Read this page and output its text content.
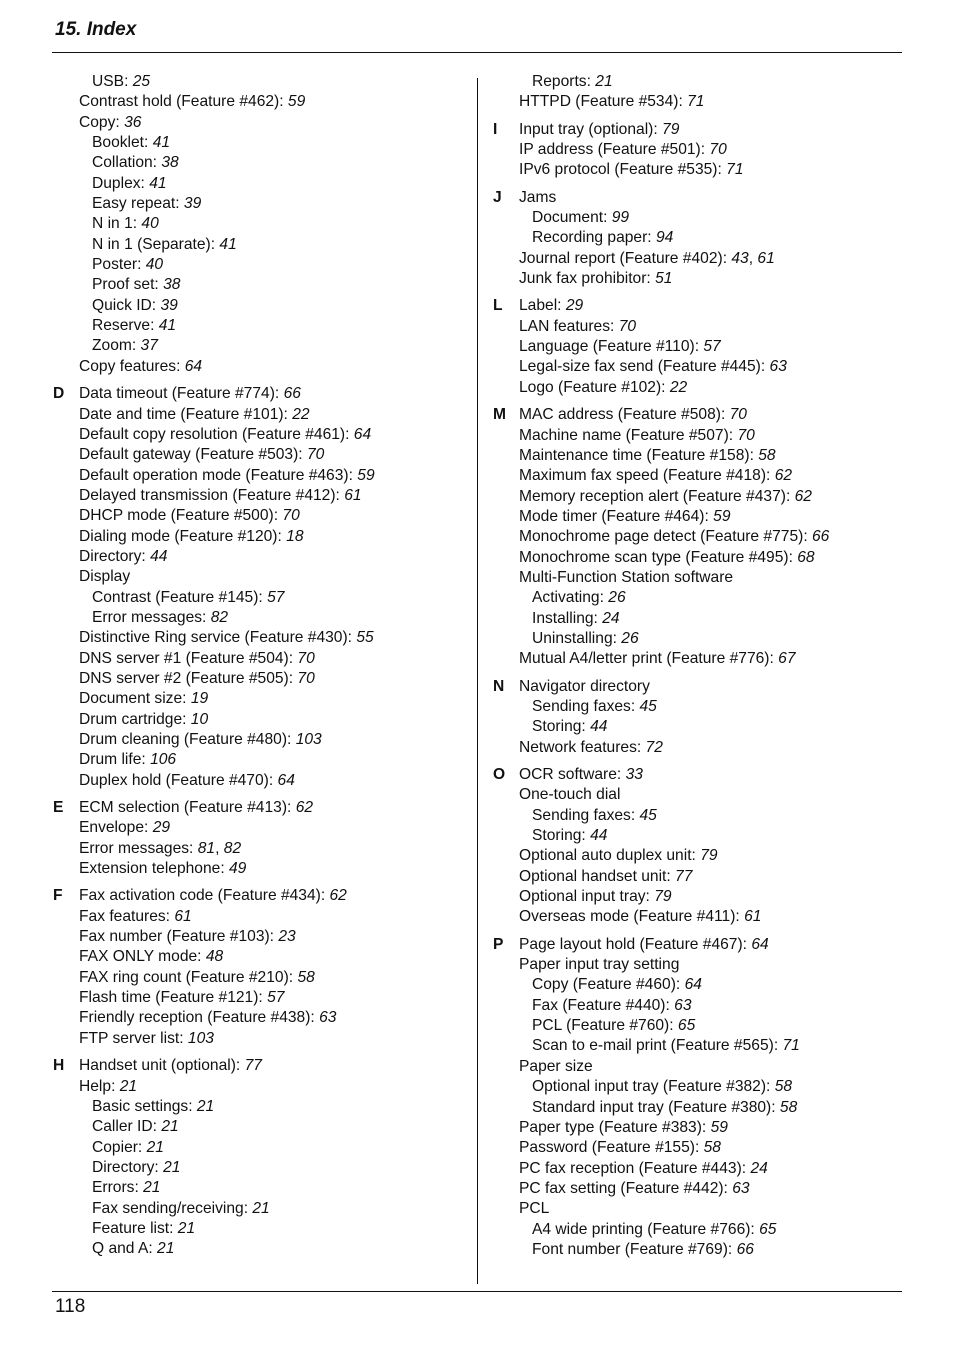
15. Index
USB: 25
Contrast hold (Feature #462): 59
Copy: 36
Booklet: 41
Collation: 38
Duplex: 41
Easy repeat: 39
N in 1: 40
N in 1 (Separate): 41
Poster: 40
Proof set: 38
Quick ID: 39
Reserve: 41
Zoom: 37
Copy features: 64
D Data timeout (Feature #774): 66
Date and time (Feature #101): 22
Default copy resolution (Feature #461): 64
Default gateway (Feature #503): 70
Default operation mode (Feature #463): 59
Delayed transmission (Feature #412): 61
DHCP mode (Feature #500): 70
Dialing mode (Feature #120): 18
Directory: 44
Display
Contrast (Feature #145): 57
Error messages: 82
Distinctive Ring service (Feature #430): 55
DNS server #1 (Feature #504): 70
DNS server #2 (Feature #505): 70
Document size: 19
Drum cartridge: 10
Drum cleaning (Feature #480): 103
Drum life: 106
Duplex hold (Feature #470): 64
E ECM selection (Feature #413): 62
Envelope: 29
Error messages: 81, 82
Extension telephone: 49
F	Fax activation code (Feature #434): 62
Fax features: 61
Fax number (Feature #103): 23
FAX ONLY mode: 48
FAX ring count (Feature #210): 58
Flash time (Feature #121): 57
Friendly reception (Feature #438): 63
FTP server list: 103
H Handset unit (optional): 77
Help: 21
Basic settings: 21
Caller ID: 21
Copier: 21
Directory: 21
Errors: 21
Fax sending/receiving: 21
Feature list: 21
Q and A: 21
Reports: 21
HTTPD (Feature #534): 71
I	Input tray (optional): 79
IP address (Feature #501): 70
IPv6 protocol (Feature #535): 71
J	Jams
Document: 99
Recording paper: 94
Journal report (Feature #402): 43, 61
Junk fax prohibitor: 51
L	Label: 29
LAN features: 70
Language (Feature #110): 57
Legal-size fax send (Feature #445): 63
Logo (Feature #102): 22
M MAC address (Feature #508): 70
Machine name (Feature #507): 70
Maintenance time (Feature #158): 58
Maximum fax speed (Feature #418): 62
Memory reception alert (Feature #437): 62
Mode timer (Feature #464): 59
Monochrome page detect (Feature #775): 66
Monochrome scan type (Feature #495): 68
Multi-Function Station software
Activating: 26
Installing: 24
Uninstalling: 26
Mutual A4/letter print (Feature #776): 67
N Navigator directory
Sending faxes: 45
Storing: 44
Network features: 72
O OCR software: 33
One-touch dial
Sending faxes: 45
Storing: 44
Optional auto duplex unit: 79
Optional handset unit: 77
Optional input tray: 79
Overseas mode (Feature #411): 61
P Page layout hold (Feature #467): 64
Paper input tray setting
Copy (Feature #460): 64
Fax (Feature #440): 63
PCL (Feature #760): 65
Scan to e-mail print (Feature #565): 71
Paper size
Optional input tray (Feature #382): 58
Standard input tray (Feature #380): 58
Paper type (Feature #383): 59
Password (Feature #155): 58
PC fax reception (Feature #443): 24
PC fax setting (Feature #442): 63
PCL
A4 wide printing (Feature #766): 65
Font number (Feature #769): 66
118
